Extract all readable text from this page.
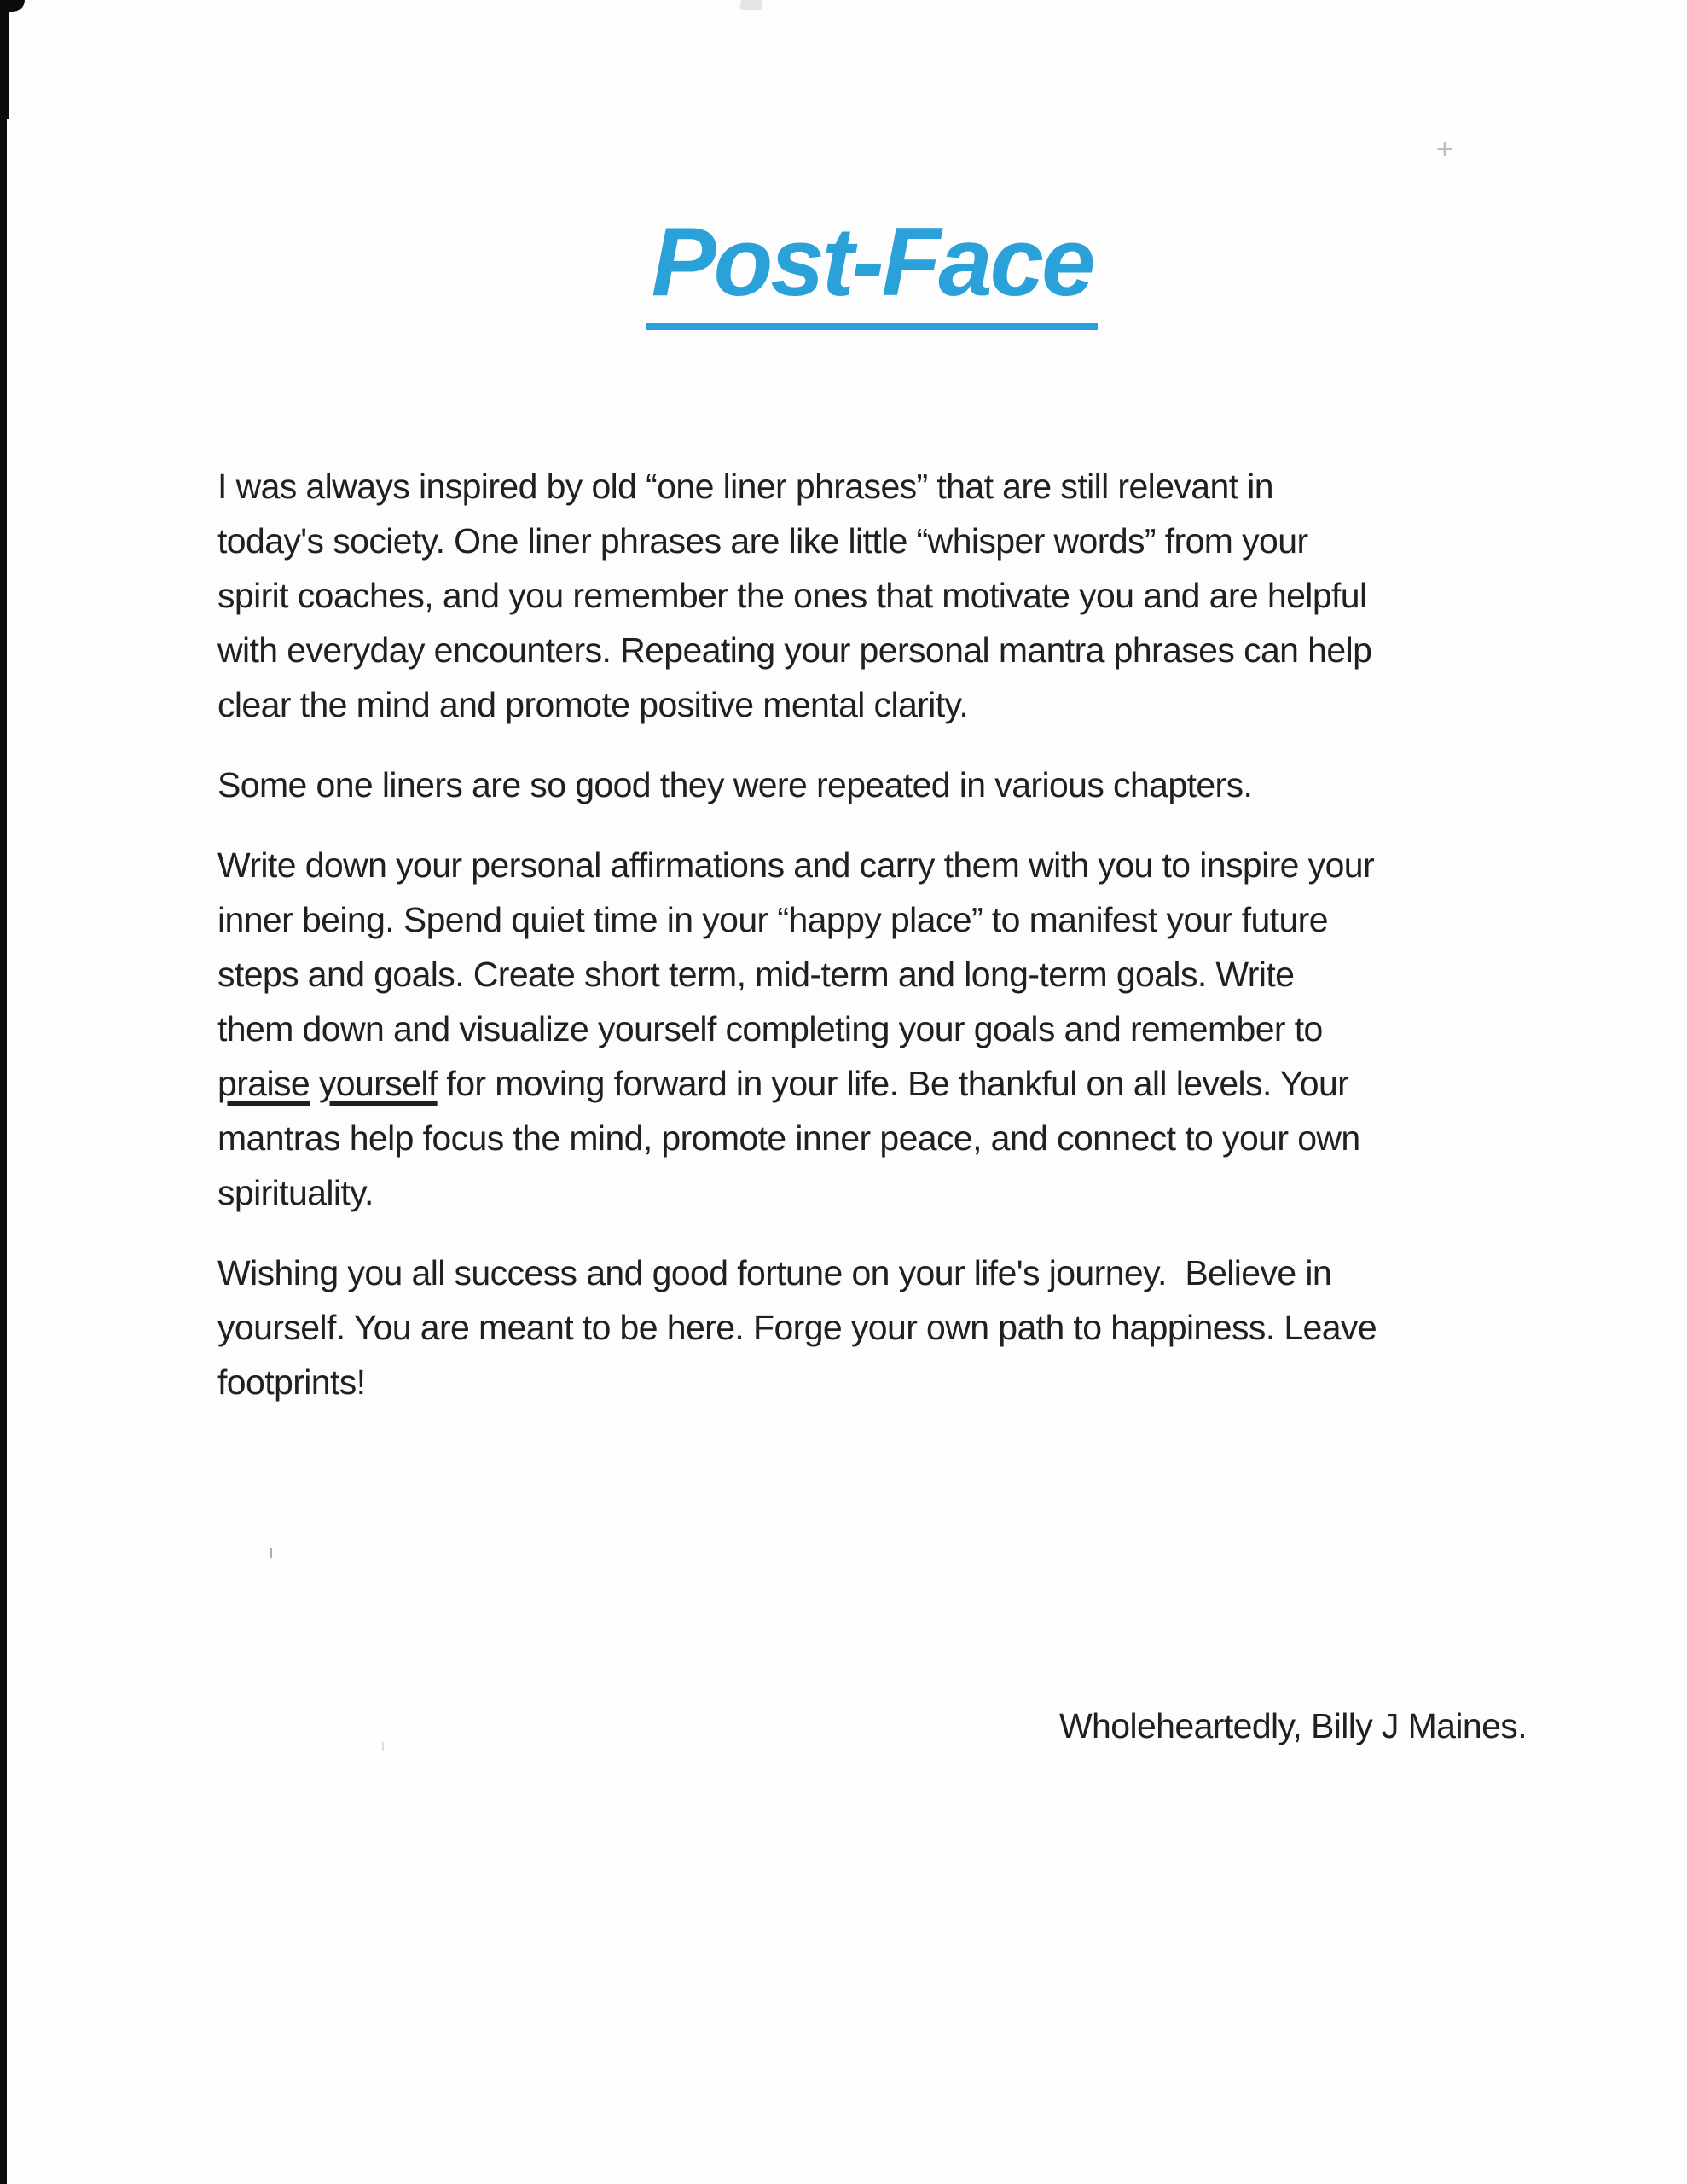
+
Post-Face
I was always inspired by old “one liner phrases” that are still relevant in
today's society. One liner phrases are like little “whisper words” from your
spirit coaches, and you remember the ones that motivate you and are helpful
with everyday encounters. Repeating your personal mantra phrases can help
clear the mind and promote positive mental clarity.
Some one liners are so good they were repeated in various chapters.
Write down your personal affirmations and carry them with you to inspire your
inner being. Spend quiet time in your “happy place” to manifest your future
steps and goals. Create short term, mid-term and long-term goals. Write
them down and visualize yourself completing your goals and remember to
praise yourself for moving forward in your life. Be thankful on all levels. Your
mantras help focus the mind, promote inner peace, and connect to your own
spirituality.
Wishing you all success and good fortune on your life's journey.  Believe in
yourself. You are meant to be here. Forge your own path to happiness. Leave
footprints!
Wholeheartedly, Billy J Maines.
